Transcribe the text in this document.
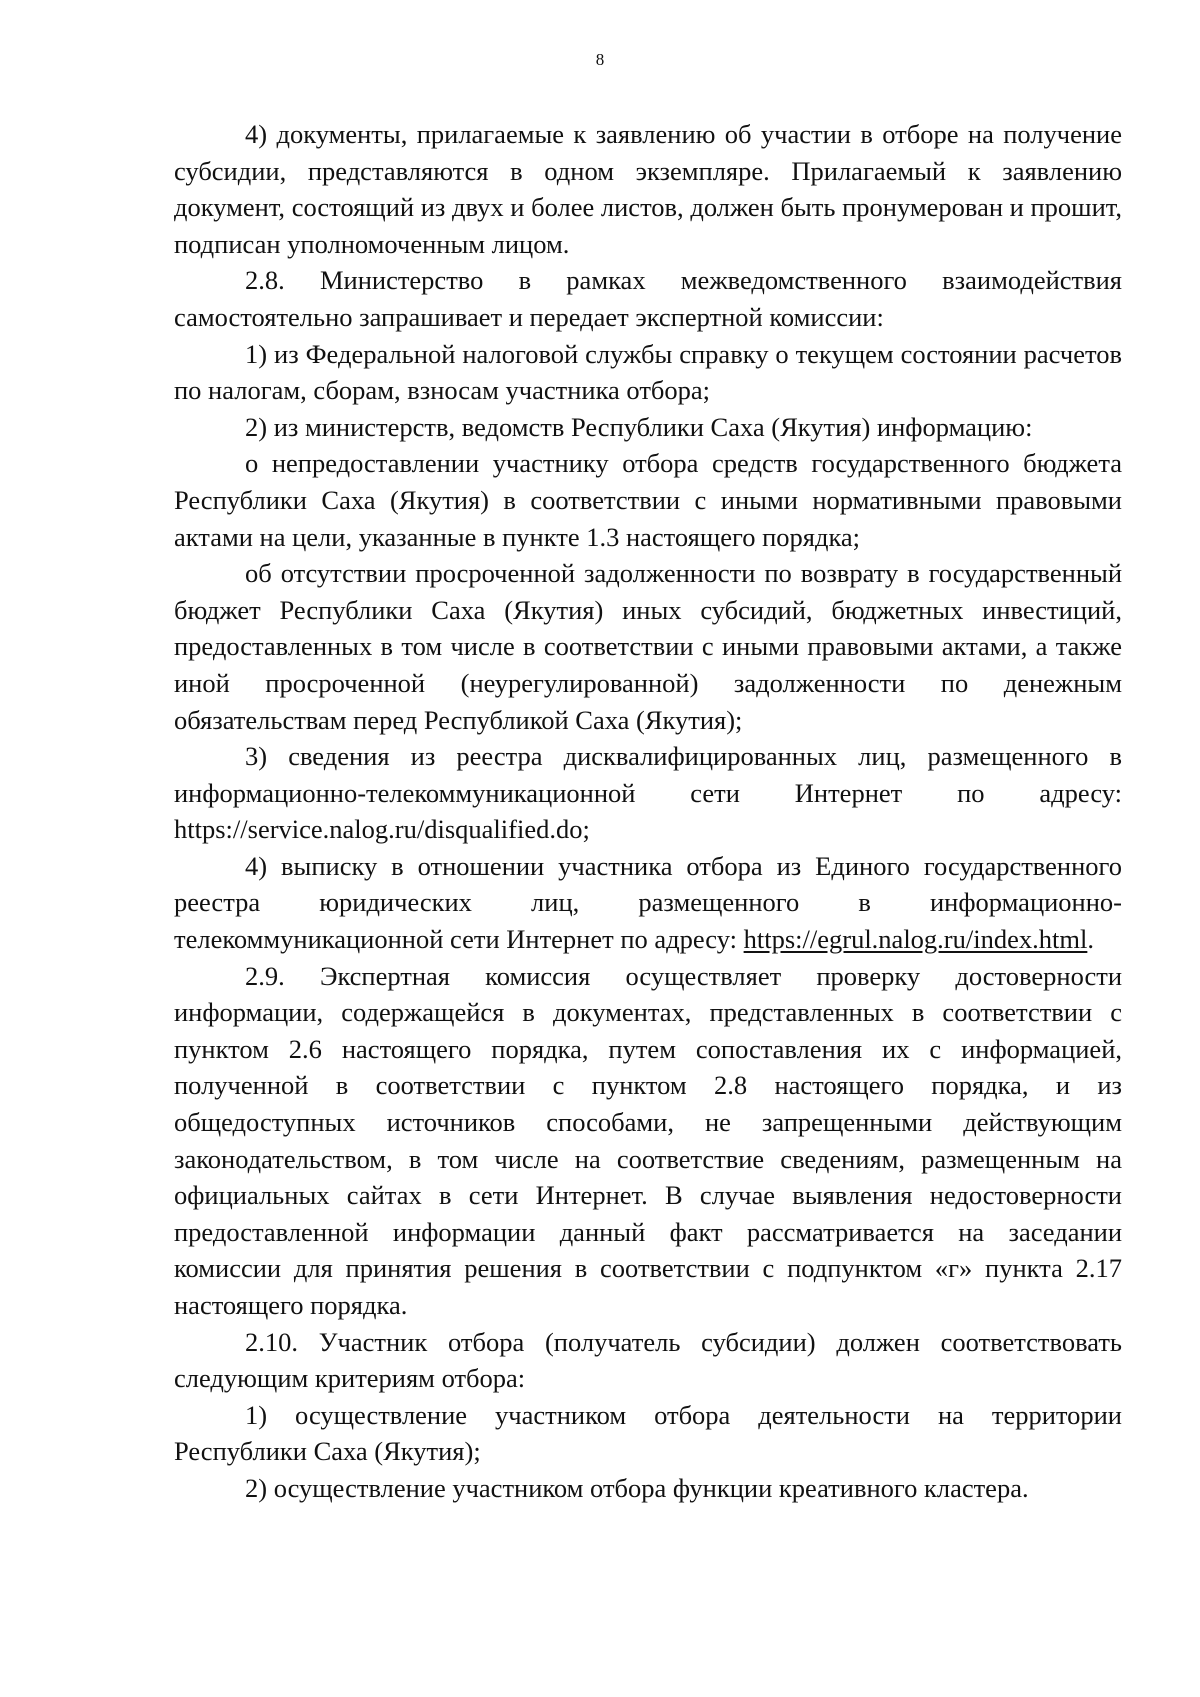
8

4) документы, прилагаемые к заявлению об участии в отборе на получение субсидии, представляются в одном экземпляре. Прилагаемый к заявлению документ, состоящий из двух и более листов, должен быть пронумерован и прошит, подписан уполномоченным лицом.

2.8. Министерство в рамках межведомственного взаимодействия самостоятельно запрашивает и передает экспертной комиссии:

1) из Федеральной налоговой службы справку о текущем состоянии расчетов по налогам, сборам, взносам участника отбора;

2) из министерств, ведомств Республики Саха (Якутия) информацию:

о непредоставлении участнику отбора средств государственного бюджета Республики Саха (Якутия) в соответствии с иными нормативными правовыми актами на цели, указанные в пункте 1.3 настоящего порядка;

об отсутствии просроченной задолженности по возврату в государственный бюджет Республики Саха (Якутия) иных субсидий, бюджетных инвестиций, предоставленных в том числе в соответствии с иными правовыми актами, а также иной просроченной (неурегулированной) задолженности по денежным обязательствам перед Республикой Саха (Якутия);

3) сведения из реестра дисквалифицированных лиц, размещенного в информационно-телекоммуникационной сети Интернет по адресу: https://service.nalog.ru/disqualified.do;

4) выписку в отношении участника отбора из Единого государственного реестра юридических лиц, размещенного в информационно-телекоммуникационной сети Интернет по адресу: https://egrul.nalog.ru/index.html.

2.9. Экспертная комиссия осуществляет проверку достоверности информации, содержащейся в документах, представленных в соответствии с пунктом 2.6 настоящего порядка, путем сопоставления их с информацией, полученной в соответствии с пунктом 2.8 настоящего порядка, и из общедоступных источников способами, не запрещенными действующим законодательством, в том числе на соответствие сведениям, размещенным на официальных сайтах в сети Интернет. В случае выявления недостоверности предоставленной информации данный факт рассматривается на заседании комиссии для принятия решения в соответствии с подпунктом «г» пункта 2.17 настоящего порядка.

2.10. Участник отбора (получатель субсидии) должен соответствовать следующим критериям отбора:

1) осуществление участником отбора деятельности на территории Республики Саха (Якутия);

2) осуществление участником отбора функции креативного кластера.
